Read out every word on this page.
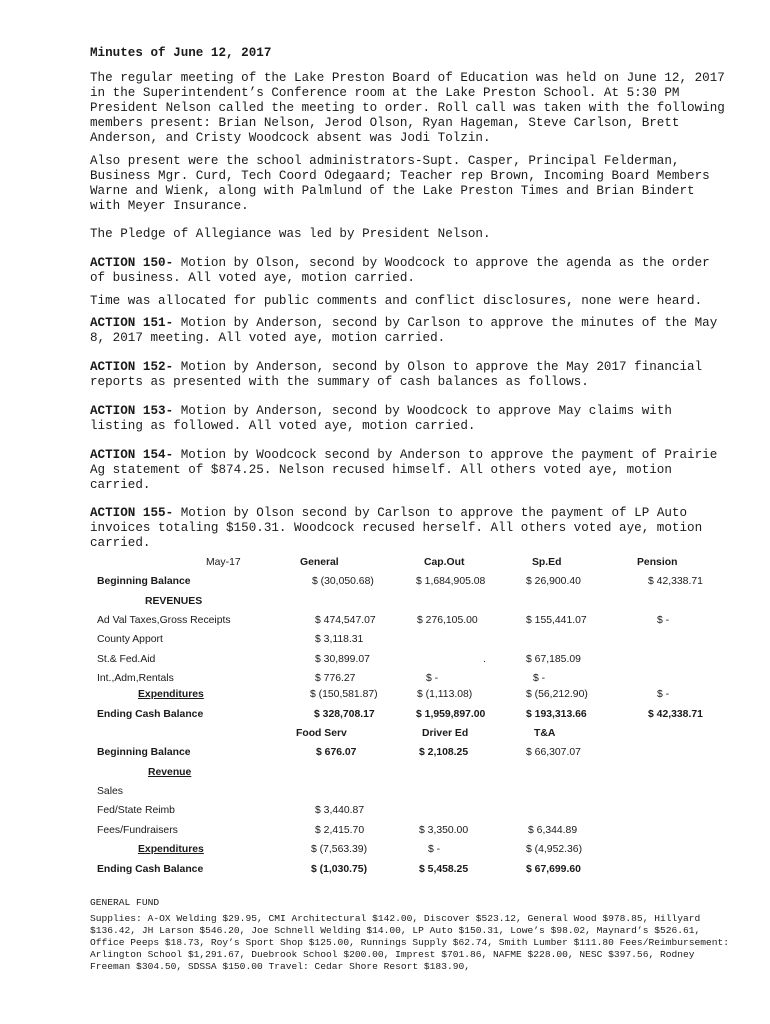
Minutes of June 12, 2017

The regular meeting of the Lake Preston Board of Education was held on June 12, 2017 in the Superintendent’s Conference room at the Lake Preston School. At 5:30 PM President Nelson called the meeting to order. Roll call was taken with the following members present: Brian Nelson, Jerod Olson, Ryan Hageman, Steve Carlson, Brett Anderson, and Cristy Woodcock absent was Jodi Tolzin.

Also present were the school administrators-Supt. Casper, Principal Felderman, Business Mgr. Curd, Tech Coord Odegaard; Teacher rep Brown, Incoming Board Members Warne and Wienk, along with Palmlund of the Lake Preston Times and Brian Bindert with Meyer Insurance.

The Pledge of Allegiance was led by President Nelson.

ACTION 150- Motion by Olson, second by Woodcock to approve the agenda as the order of business. All voted aye, motion carried.

Time was allocated for public comments and conflict disclosures, none were heard.

ACTION 151- Motion by Anderson, second by Carlson to approve the minutes of the May 8, 2017 meeting. All voted aye, motion carried.

ACTION 152- Motion by Anderson, second by Olson to approve the May 2017 financial reports as presented with the summary of cash balances as follows.

ACTION 153- Motion by Anderson, second by Woodcock to approve May claims with listing as followed. All voted aye, motion carried.

ACTION 154- Motion by Woodcock second by Anderson to approve the payment of Prairie Ag statement of $874.25. Nelson recused himself. All others voted aye, motion carried.

ACTION 155- Motion by Olson second by Carlson to approve the payment of LP Auto invoices totaling $150.31. Woodcock recused herself. All others voted aye, motion carried.

May-17	General	Cap.Out	Sp.Ed	Pension
Beginning Balance	$ (30,050.68)	$ 1,684,905.08	$ 26,900.40	$ 42,338.71
REVENUES
Ad Val Taxes,Gross Receipts	$ 474,547.07	$ 276,105.00	$ 155,441.07	$ -
County Apport	$ 3,118.31
St.& Fed.Aid	$ 30,899.07	.	$ 67,185.09
Int.,Adm,Rentals	$ 776.27	$ -	$ -
Expenditures	$ (150,581.87)	$ (1,113.08)	$ (56,212.90)	$ -
Ending Cash Balance	$ 328,708.17	$ 1,959,897.00	$ 193,313.66	$ 42,338.71
Food Serv	Driver Ed	T&A
Beginning Balance	$ 676.07	$ 2,108.25	$ 66,307.07
Revenue
Sales
Fed/State Reimb	$ 3,440.87
Fees/Fundraisers	$ 2,415.70	$ 3,350.00	$ 6,344.89
Expenditures	$ (7,563.39)	$ -	$ (4,952.36)
Ending Cash Balance	$ (1,030.75)	$ 5,458.25	$ 67,699.60
GENERAL FUND
Supplies: A-OX Welding $29.95, CMI Architectural $142.00, Discover $523.12, General Wood $978.85, Hillyard $136.42, JH Larson $546.20, Joe Schnell Welding $14.00, LP Auto $150.31, Lowe’s $98.02, Maynard’s $526.61, Office Peeps $18.73, Roy’s Sport Shop $125.00, Runnings Supply $62.74, Smith Lumber $111.80 Fees/Reimbursement: Arlington School $1,291.67, Duebrook School $200.00, Imprest $701.86, NAFME $228.00, NESC $397.56, Rodney Freeman $304.50, SDSSA $150.00 Travel: Cedar Shore Resort $183.90,
